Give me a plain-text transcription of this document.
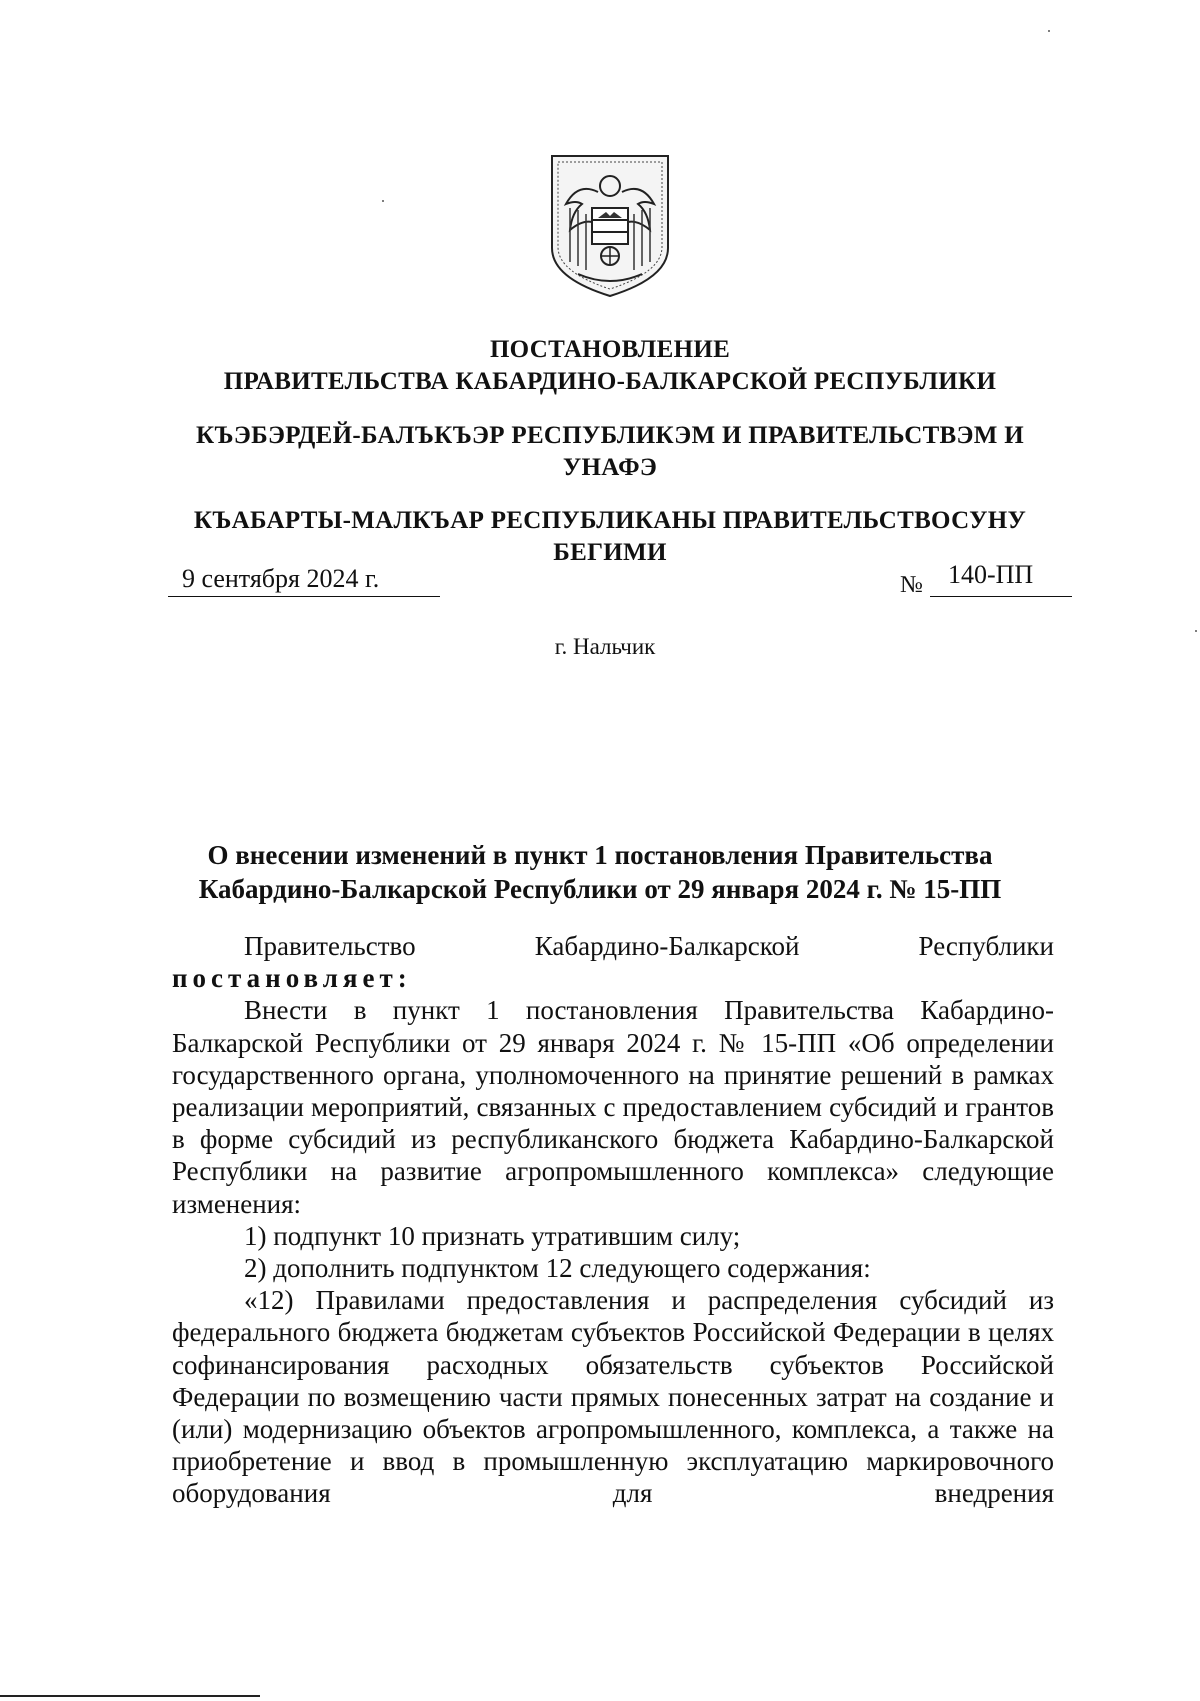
ПОСТАНОВЛЕНИЕ
ПРАВИТЕЛЬСТВА КАБАРДИНО-БАЛКАРСКОЙ РЕСПУБЛИКИ
КЪЭБЭРДЕЙ-БАЛЪКЪЭР РЕСПУБЛИКЭМ И ПРАВИТЕЛЬСТВЭМ И
УНАФЭ
КЪАБАРТЫ-МАЛКЪАР РЕСПУБЛИКАНЫ ПРАВИТЕЛЬСТВОСУНУ
БЕГИМИ
9 сентября 2024 г.	№ 140-ПП
г. Нальчик
О внесении изменений в пункт 1 постановления Правительства
Кабардино-Балкарской Республики от 29 января 2024 г. № 15-ПП

Правительство Кабардино-Балкарской Республики

постановляет:

Внести в пункт 1 постановления Правительства Кабардино-Балкарской Республики от 29 января 2024 г. № 15-ПП «Об определении государственного органа, уполномоченного на принятие решений в рамках реализации мероприятий, связанных с предоставлением субсидий и грантов в форме субсидий из республиканского бюджета Кабардино-Балкарской Республики на развитие агропромышленного комплекса» следующие изменения:

1) подпункт 10 признать утратившим силу;

2) дополнить подпунктом 12 следующего содержания:

«12) Правилами предоставления и распределения субсидий из федерального бюджета бюджетам субъектов Российской Федерации в целях софинансирования расходных обязательств субъектов Российской Федерации по возмещению части прямых понесенных затрат на создание и (или) модернизацию объектов агропромышленного, комплекса, а также на приобретение и ввод в промышленную эксплуатацию маркировочного оборудования для внедрения
